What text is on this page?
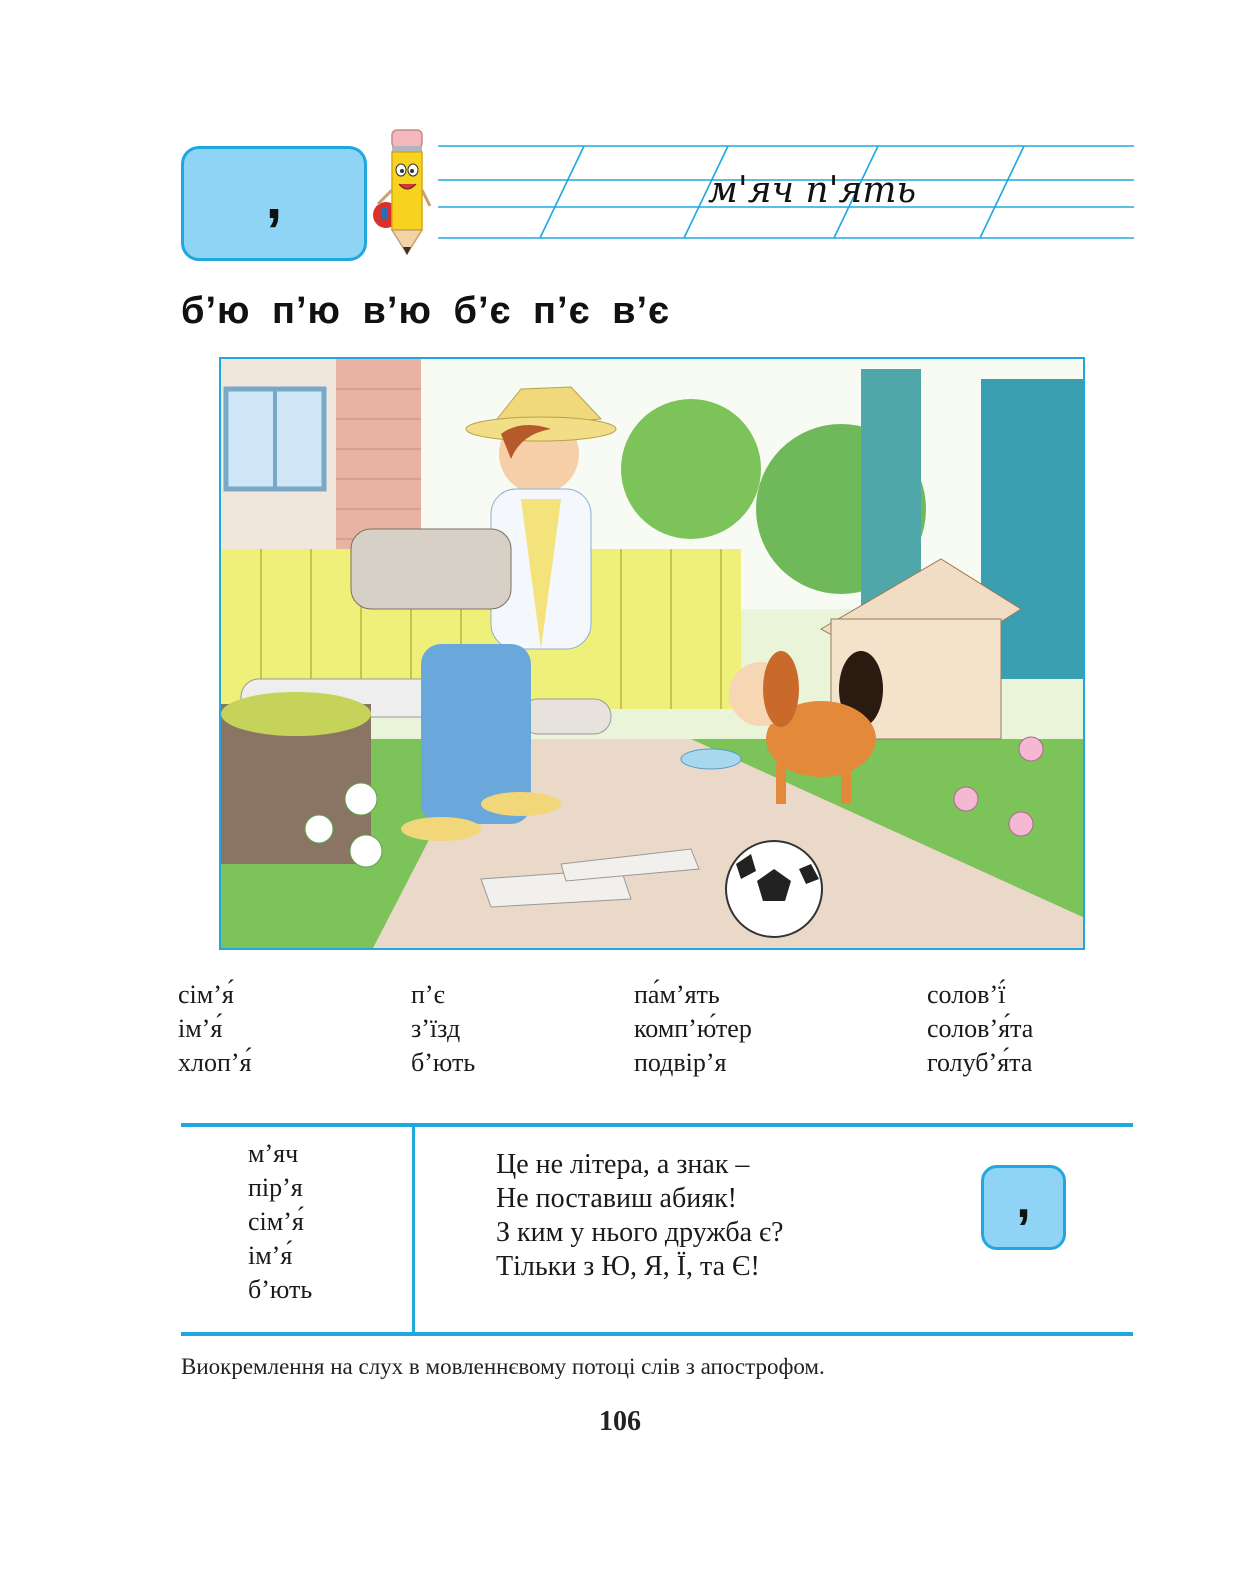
,	м'яч п'ять
б’ю п’ю в’ю б’є п’є в’є
сім’я́
ім’я́
хлоп’я́
п’є
з’їзд
б’ють
па́м’ять
комп’ю́тер
подвір’я
солов’ї́
солов’я́та
голуб’я́та
м’яч
пір’я
сім’я́
ім’я́
б’ють
Це не літера, а знак –
Не поставиш абияк!
З ким у нього дружба є?
Тільки з Ю, Я, Ї, та Є!
,
Виокремлення на слух в мовленнєвому потоці слів з апострофом.
106
